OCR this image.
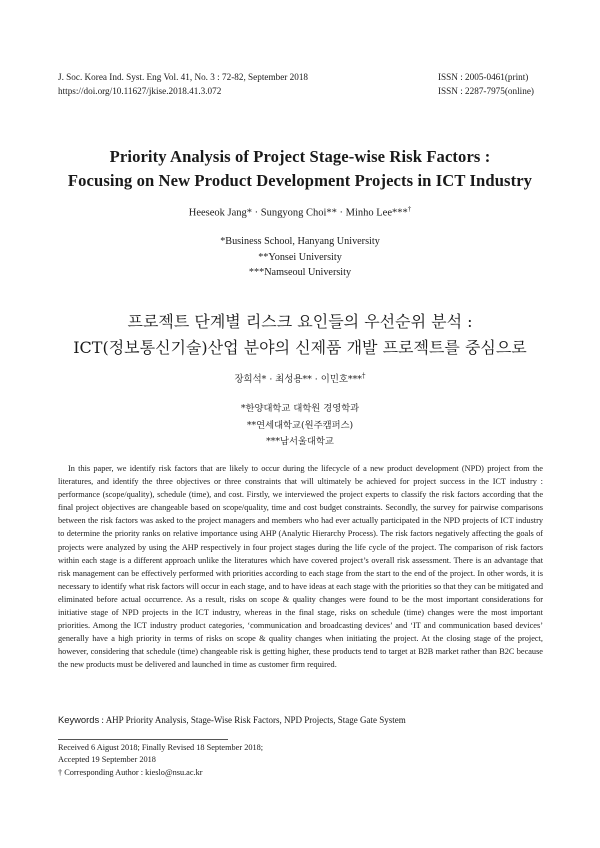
J. Soc. Korea Ind. Syst. Eng Vol. 41, No. 3 : 72-82, September 2018
https://doi.org/10.11627/jkise.2018.41.3.072
ISSN : 2005-0461(print)
ISSN : 2287-7975(online)
Priority Analysis of Project Stage-wise Risk Factors :
Focusing on New Product Development Projects in ICT Industry
Heeseok Jang* · Sungyong Choi** · Minho Lee***†
*Business School, Hanyang University
**Yonsei University
***Namseoul University
프로젝트 단계별 리스크 요인들의 우선순위 분석 :
ICT(정보통신기술)산업 분야의 신제품 개발 프로젝트를 중심으로
장희석* · 최성용** · 이민호***†
*한양대학교 대학원 경영학과
**연세대학교(원주캠퍼스)
***남서울대학교

In this paper, we identify risk factors that are likely to occur during the lifecycle of a new product development (NPD) project from the literatures, and identify the three objectives or three constraints that will ultimately be achieved for project success in the ICT industry : performance (scope/quality), schedule (time), and cost. Firstly, we interviewed the project experts to classify the risk factors according that the final project objectives are changeable based on scope/quality, time and cost budget constraints. Secondly, the survey for pairwise comparisons between the risk factors was asked to the project managers and members who had ever actually participated in the NPD projects of ICT industry to determine the priority ranks on relative importance using AHP (Analytic Hierarchy Process). The risk factors negatively affecting the goals of projects were analyzed by using the AHP respectively in four project stages during the life cycle of the project. The comparison of risk factors within each stage is a different approach unlike the literatures which have covered project’s overall risk assessment. There is an advantage that risk management can be effectively performed with priorities according to each stage from the start to the end of the project. In other words, it is necessary to identify what risk factors will occur in each stage, and to have ideas at each stage with the priorities so that they can be mitigated and eliminated before actual occurrence. As a result, risks on scope & quality changes were found to be the most important considerations for initiative stage of NPD projects in the ICT industry, whereas in the final stage, risks on schedule (time) changes were the most important priorities. Among the ICT industry product categories, ‘communication and broadcasting devices’ and ‘IT and communication based devices’ generally have a high priority in terms of risks on scope & quality changes when initiating the project. At the closing stage of the project, however, considering that schedule (time) changeable risk is getting higher, these products tend to target at B2B market rather than B2C because the new products must be delivered and launched in time as customer firm required.

Keywords : AHP Priority Analysis, Stage-Wise Risk Factors, NPD Projects, Stage Gate System
Received 6 Aigust 2018; Finally Revised 18 September 2018;
Accepted 19 September 2018
† Corresponding Author : kieslo@nsu.ac.kr
